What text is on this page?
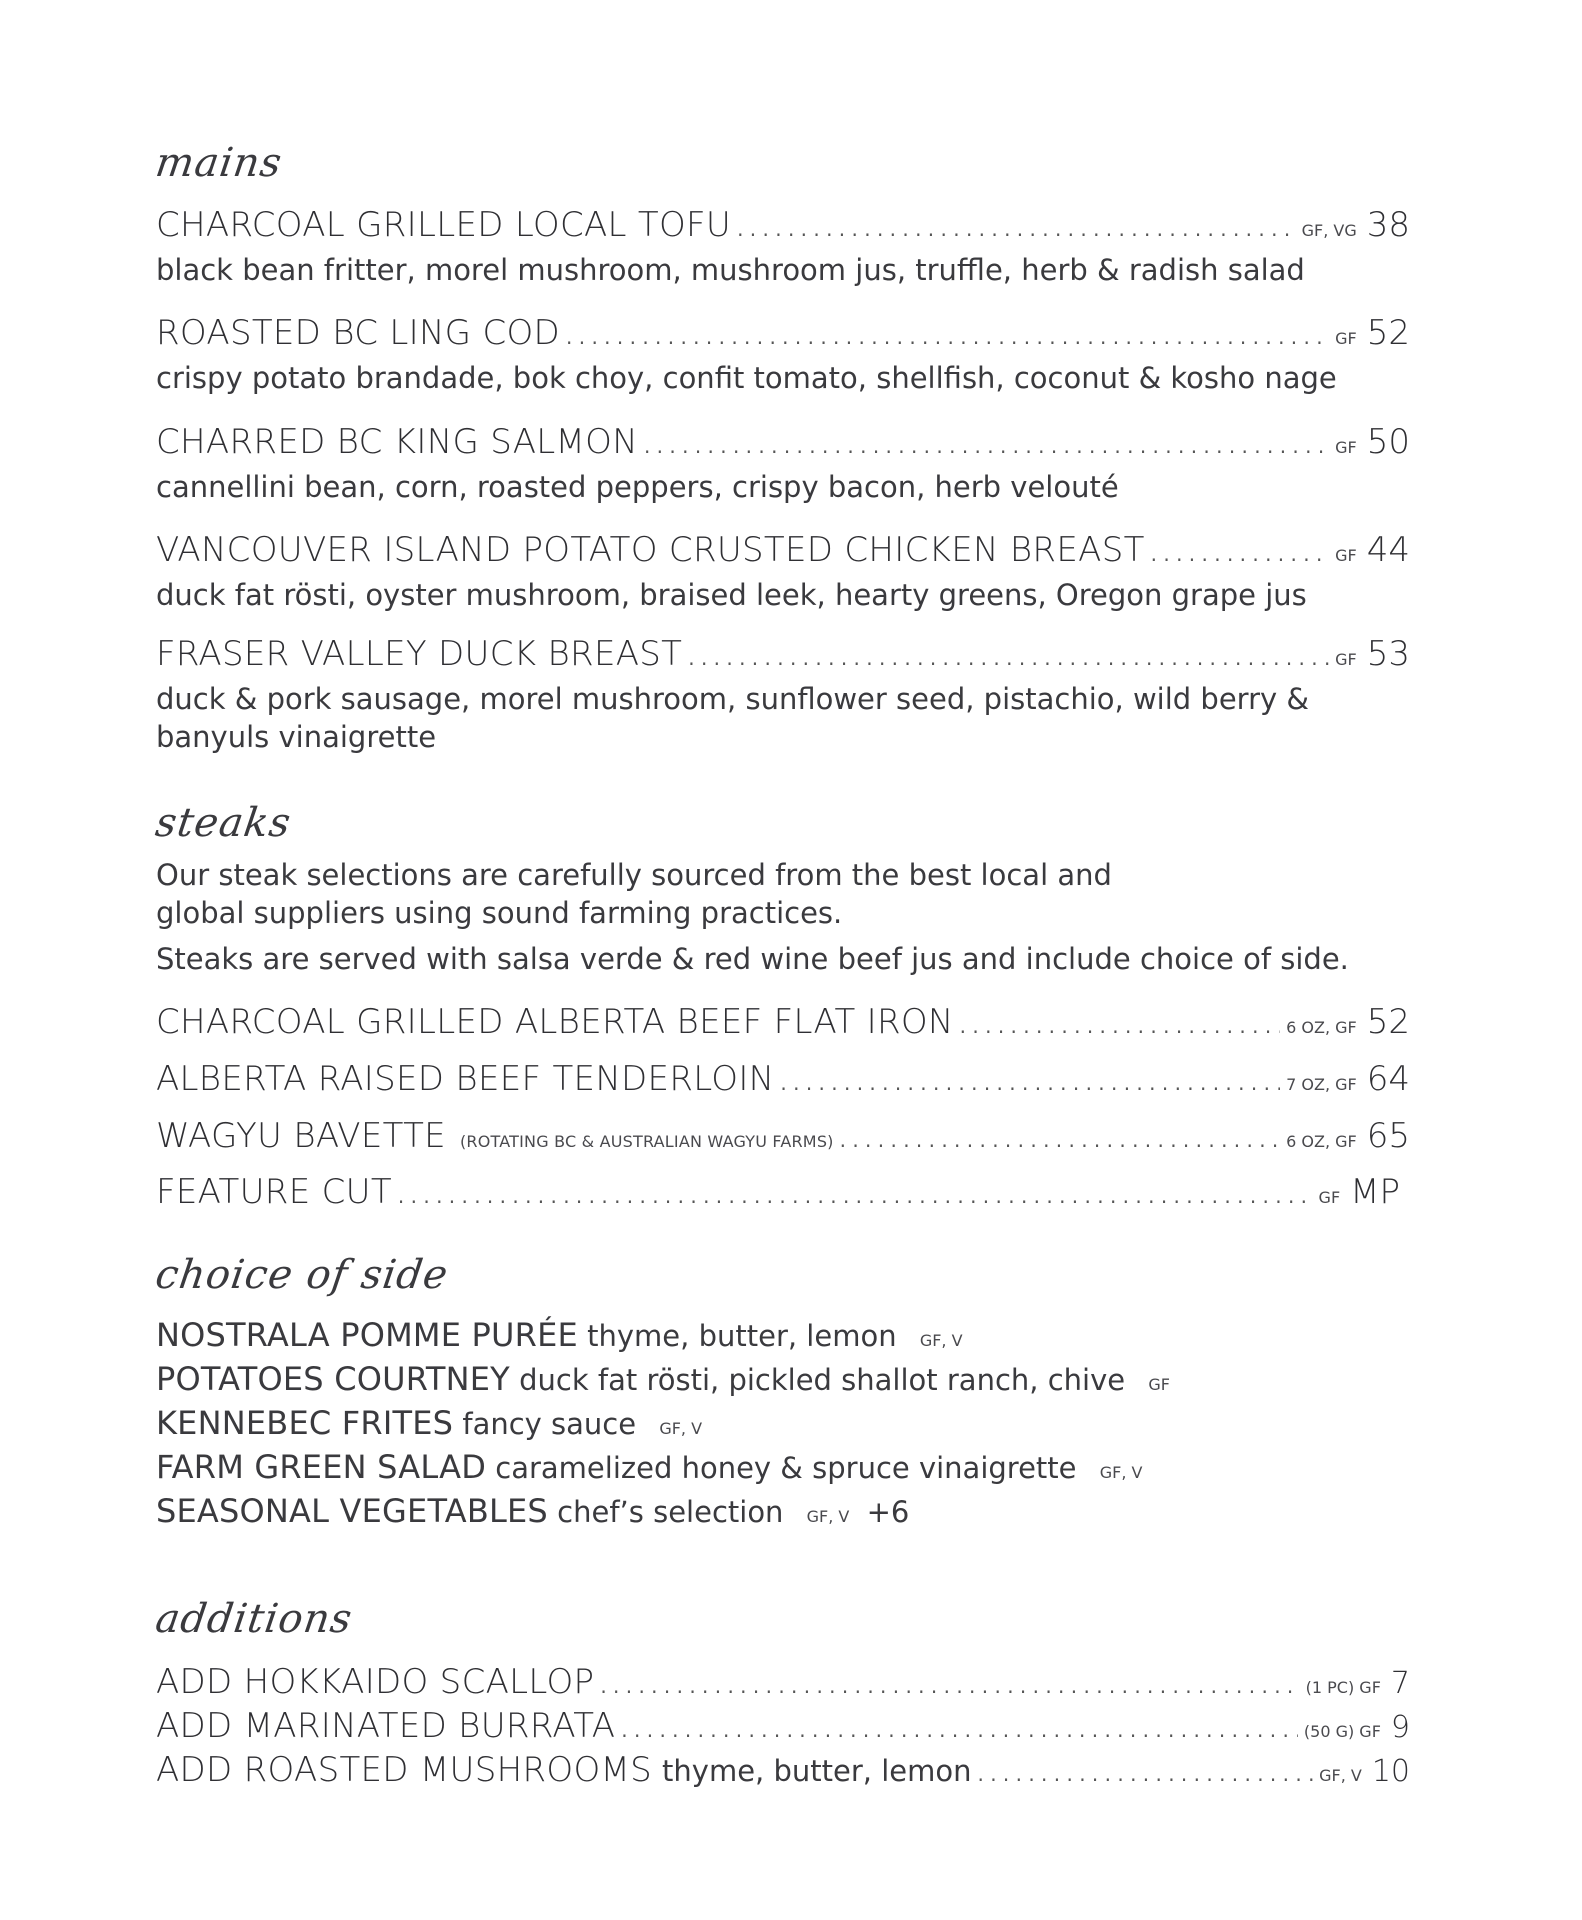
mains
CHARCOAL GRILLED LOCAL TOFU . . .	GF, VG 38
black bean fritter, morel mushroom, mushroom jus, truffle, herb & radish salad
ROASTED BC LING COD . . .	GF 52
crispy potato brandade, bok choy, confit tomato, shellfish, coconut & kosho nage
CHARRED BC KING SALMON . . .	GF 50
cannellini bean, corn, roasted peppers, crispy bacon, herb velouté
VANCOUVER ISLAND POTATO CRUSTED CHICKEN BREAST . . .	GF 44
duck fat rösti, oyster mushroom, braised leek, hearty greens, Oregon grape jus
FRASER VALLEY DUCK BREAST . . .	GF 53
duck & pork sausage, morel mushroom, sunflower seed, pistachio, wild berry & banyuls vinaigrette
steaks
Our steak selections are carefully sourced from the best local and
global suppliers using sound farming practices.
Steaks are served with salsa verde & red wine beef jus and include choice of side.
CHARCOAL GRILLED ALBERTA BEEF FLAT IRON . . .	6 OZ, GF 52
ALBERTA RAISED BEEF TENDERLOIN . . .	7 OZ, GF 64
WAGYU BAVETTE (ROTATING BC & AUSTRALIAN WAGYU FARMS) . . .	6 OZ, GF 65
FEATURE CUT . . .	GF MP
choice of side
NOSTRALA POMME PURÉE thyme, butter, lemon GF, V
POTATOES COURTNEY duck fat rösti, pickled shallot ranch, chive GF
KENNEBEC FRITES fancy sauce GF, V
FARM GREEN SALAD caramelized honey & spruce vinaigrette GF, V
SEASONAL VEGETABLES chef’s selection GF, V +6
additions
ADD HOKKAIDO SCALLOP . . .	(1 PC) GF 7
ADD MARINATED BURRATA . . .	(50 G) GF 9
ADD ROASTED MUSHROOMS thyme, butter, lemon . . .	GF, V 10
